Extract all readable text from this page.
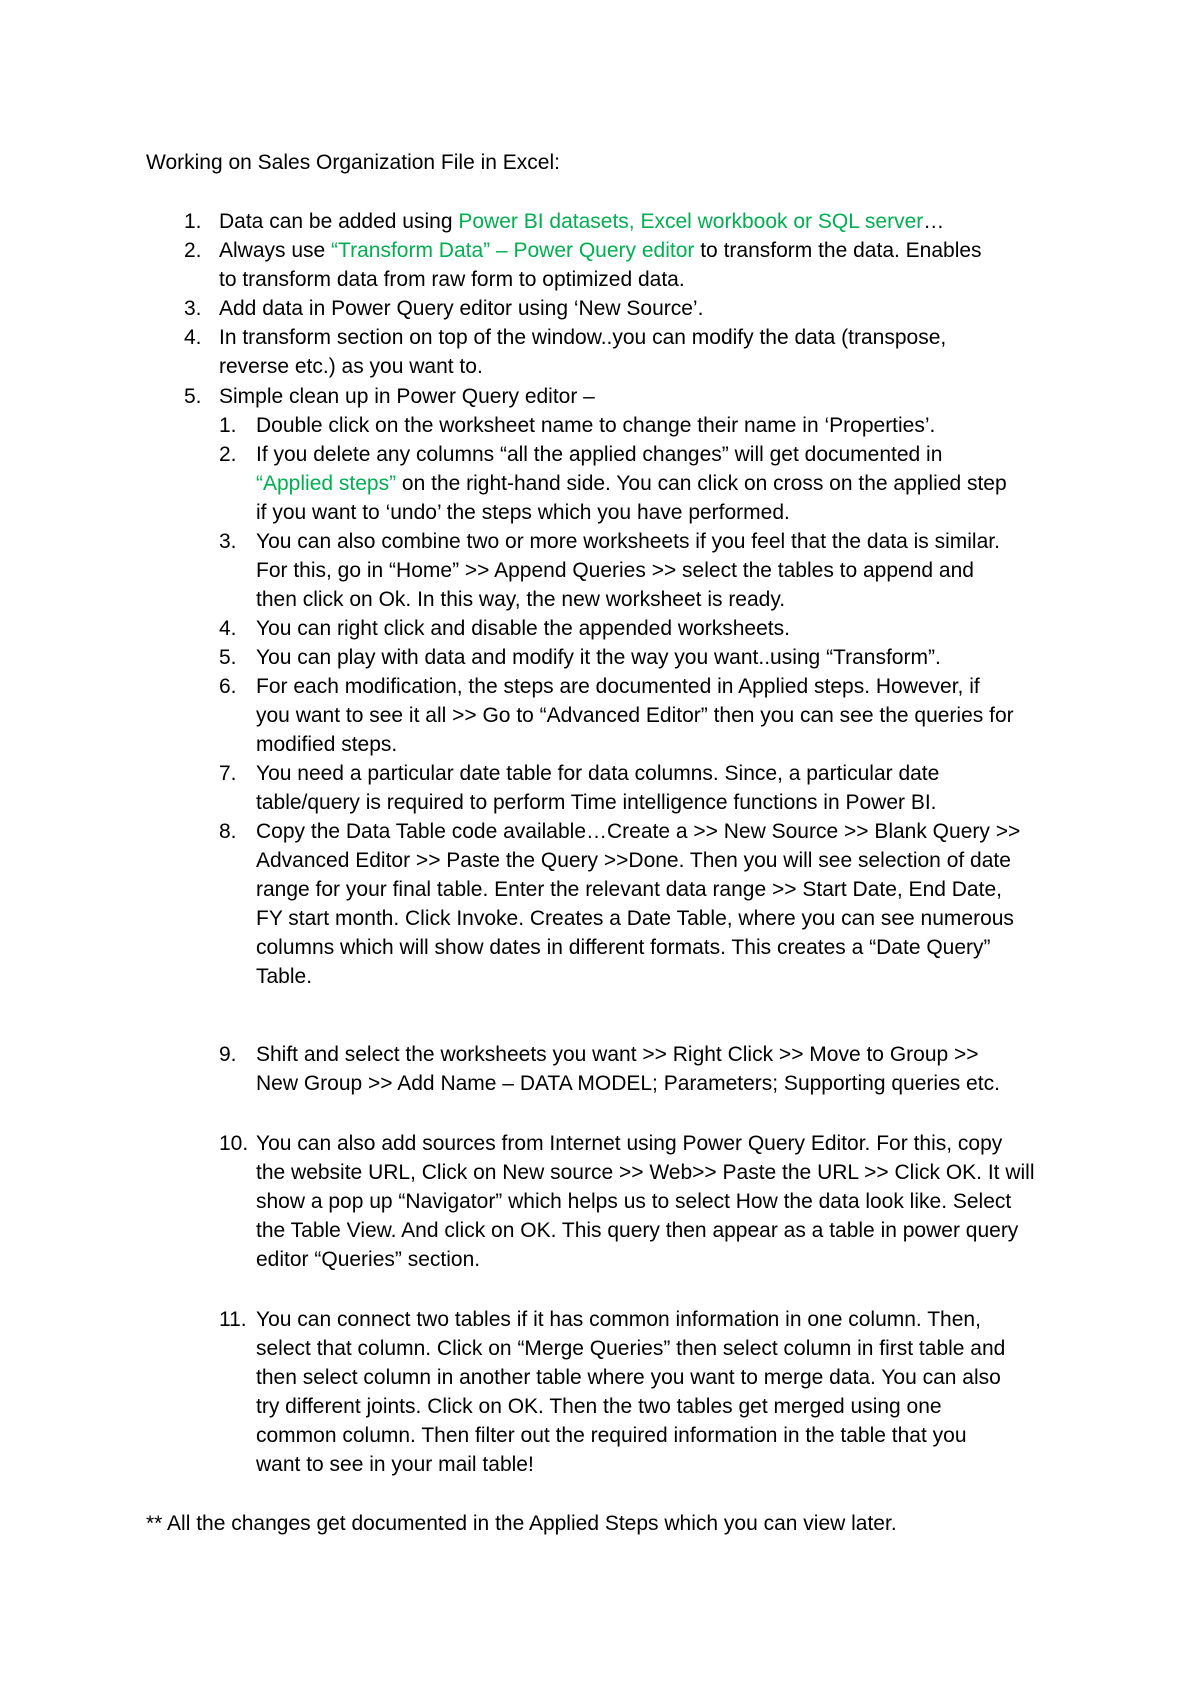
Working on Sales Organization File in Excel:
1. Data can be added using Power BI datasets, Excel workbook or SQL server…
2. Always use “Transform Data” – Power Query editor to transform the data. Enables
to transform data from raw form to optimized data.
3. Add data in Power Query editor using ‘New Source’.
4. In transform section on top of the window..you can modify the data (transpose,
reverse etc.) as you want to.
5. Simple clean up in Power Query editor –
1. Double click on the worksheet name to change their name in ‘Properties’.
2. If you delete any columns “all the applied changes” will get documented in
“Applied steps” on the right-hand side. You can click on cross on the applied step
if you want to ‘undo’ the steps which you have performed.
3. You can also combine two or more worksheets if you feel that the data is similar.
For this, go in “Home” >> Append Queries >> select the tables to append and
then click on Ok. In this way, the new worksheet is ready.
4. You can right click and disable the appended worksheets.
5. You can play with data and modify it the way you want..using “Transform”.
6. For each modification, the steps are documented in Applied steps. However, if
you want to see it all >> Go to “Advanced Editor” then you can see the queries for
modified steps.
7. You need a particular date table for data columns. Since, a particular date
table/query is required to perform Time intelligence functions in Power BI.
8. Copy the Data Table code available…Create a >> New Source >> Blank Query >>
Advanced Editor >> Paste the Query >>Done. Then you will see selection of date
range for your final table. Enter the relevant data range >> Start Date, End Date,
FY start month. Click Invoke. Creates a Date Table, where you can see numerous
columns which will show dates in different formats. This creates a “Date Query”
Table.
9. Shift and select the worksheets you want >> Right Click >> Move to Group >>
New Group >> Add Name – DATA MODEL; Parameters; Supporting queries etc.
10. You can also add sources from Internet using Power Query Editor. For this, copy
the website URL, Click on New source >> Web>> Paste the URL >> Click OK. It will
show a pop up “Navigator” which helps us to select How the data look like. Select
the Table View. And click on OK. This query then appear as a table in power query
editor “Queries” section.
11. You can connect two tables if it has common information in one column. Then,
select that column. Click on “Merge Queries” then select column in first table and
then select column in another table where you want to merge data. You can also
try different joints. Click on OK. Then the two tables get merged using one
common column. Then filter out the required information in the table that you
want to see in your mail table!
** All the changes get documented in the Applied Steps which you can view later.
